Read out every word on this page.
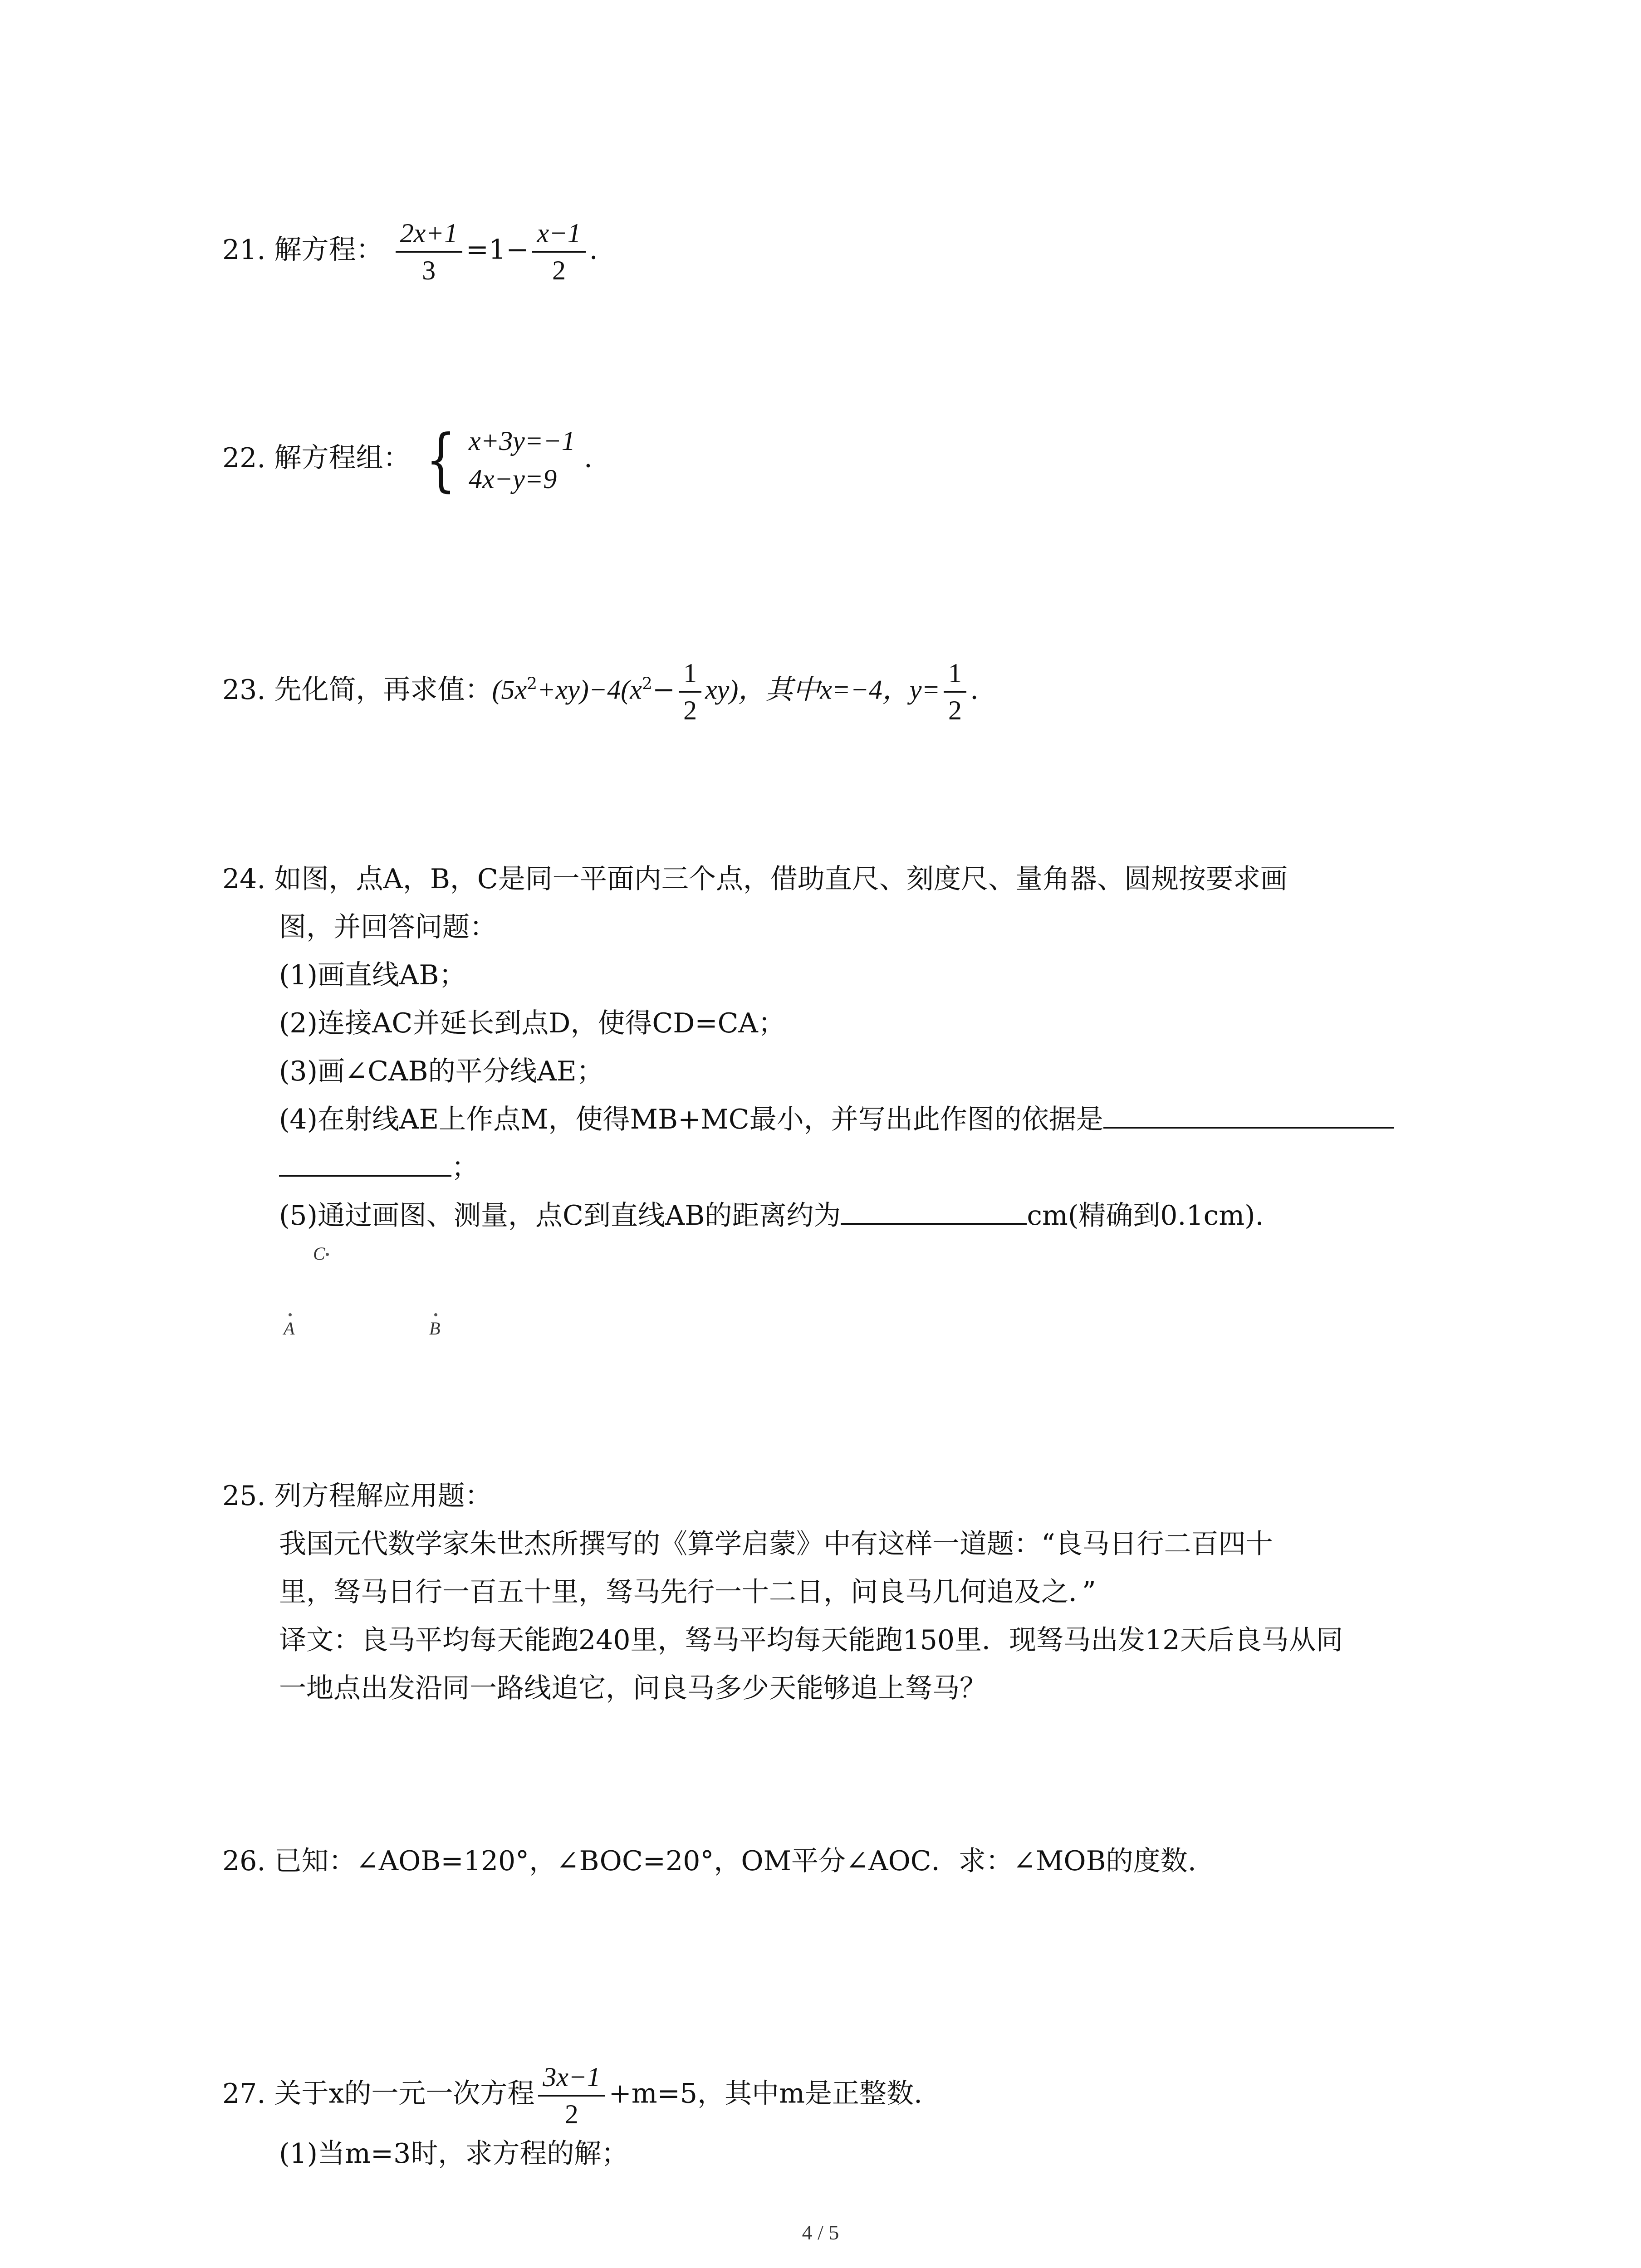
21. 解方程： $\frac{2x+1}{3} =1- \frac{x-1}{2}$ .
22. 解方程组： { x+3y=−1
4x−y=9
.
23. 先化简，再求值：$(5x^2+xy)-4(x^2- \frac{1}{2} xy)$，其中x=−4，$y= \frac{1}{2}$ .
24. 如图，点A，B，C是同一平面内三个点，借助直尺、刻度尺、量角器、圆规按要求画
图，并回答问题：
(1)画直线AB；
(2)连接AC并延长到点D，使得CD=CA；
(3)画∠CAB的平分线AE；
(4)在射线AE上作点M，使得MB+MC最小，并写出此作图的依据是
；
(5)通过画图、测量，点C到直线AB的距离约为	cm(精确到0.1cm).
C
A	B
25. 列方程解应用题：
我国元代数学家朱世杰所撰写的《算学启蒙》中有这样一道题：“良马日行二百四十
里，驽马日行一百五十里，驽马先行一十二日，问良马几何追及之．”
译文：良马平均每天能跑240里，驽马平均每天能跑150里．现驽马出发12天后良马从同
一地点出发沿同一路线追它，问良马多少天能够追上驽马？
26. 已知：∠AOB=120°，∠BOC=20°，OM平分∠AOC．求：∠MOB的度数.
27. 关于x的一元一次方程 $\frac{3x-1}{2} +m=5$，其中m是正整数.
(1)当m=3时，求方程的解；
4 / 5
